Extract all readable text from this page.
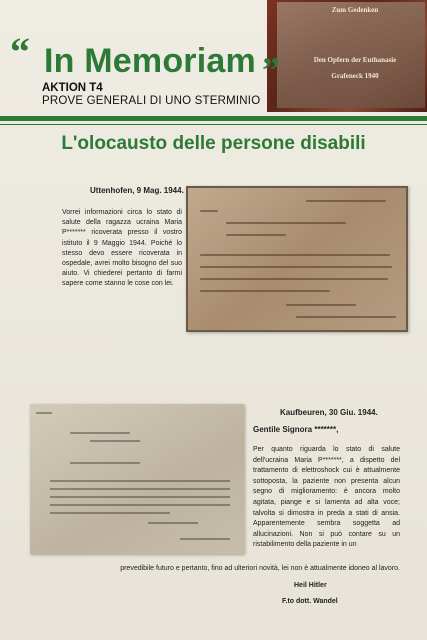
Zum Gedenken
Den Opfern der Euthanasie
Grafeneck 1940
“ In Memoriam ”
AKTION T4
PROVE GENERALI DI UNO STERMINIO
L'olocausto delle persone disabili
Uttenhofen, 9 Mag. 1944.
Vorrei informazioni circa lo stato di salute della ragazza ucraina Maria P******* ricoverata presso il vostro istituto il 9 Maggio 1944. Poiché lo stesso devo essere ricoverata in ospedale, avrei molto bisogno del suo aiuto. Vi chiederei pertanto di farmi sapere come stanno le cose con lei.
Kaufbeuren, 30 Giu. 1944.
Gentile Signora *******,
Per quanto riguarda lo stato di salute dell'ucraina Maria P*******, a dispetto del trattamento di elettroshock cui è attualmente sottoposta, la paziente non presenta alcun segno di miglioramento: è ancora molto agitata, piange e si lamenta ad alta voce; talvolta si dimostra in preda a stati di ansia. Apparentemente sembra soggetta ad allucinazioni. Non si può contare su un ristabilimento della paziente in un
prevedibile futuro e pertanto, fino ad ulteriori novità, lei non è attualmente idoneo al lavoro.
Heil Hitler
F.to dott. Wandel
